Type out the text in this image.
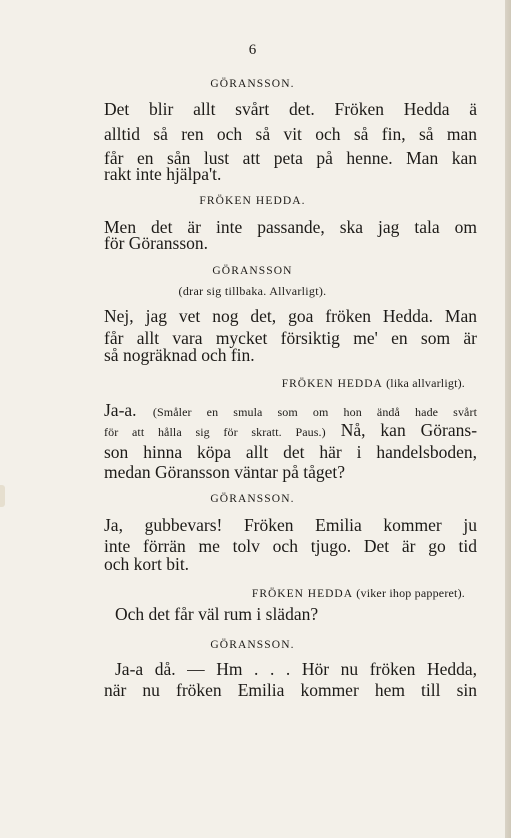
6
GÖRANSSON.
Det blir allt svårt det. Fröken Hedda ä
alltid så ren och så vit och så fin, så man
får en sån lust att peta på henne. Man kan
rakt inte hjälpa't.
FRÖKEN HEDDA.
Men det är inte passande, ska jag tala om
för Göransson.
GÖRANSSON
(drar sig tillbaka. Allvarligt).
Nej, jag vet nog det, goa fröken Hedda. Man
får allt vara mycket försiktig me' en som är
så nogräknad och fin.
FRÖKEN HEDDA (lika allvarligt).
Ja-a. (Småler en smula som om hon ändå hade svårt
för att hålla sig för skratt. Paus.) Nå, kan Görans-
son hinna köpa allt det här i handelsboden,
medan Göransson väntar på tåget?
GÖRANSSON.
Ja, gubbevars! Fröken Emilia kommer ju
inte förrän me tolv och tjugo. Det är go tid
och kort bit.
FRÖKEN HEDDA (viker ihop papperet).
Och det får väl rum i slädan?
GÖRANSSON.
Ja-a då. — Hm . . . Hör nu fröken Hedda,
när nu fröken Emilia kommer hem till sin
